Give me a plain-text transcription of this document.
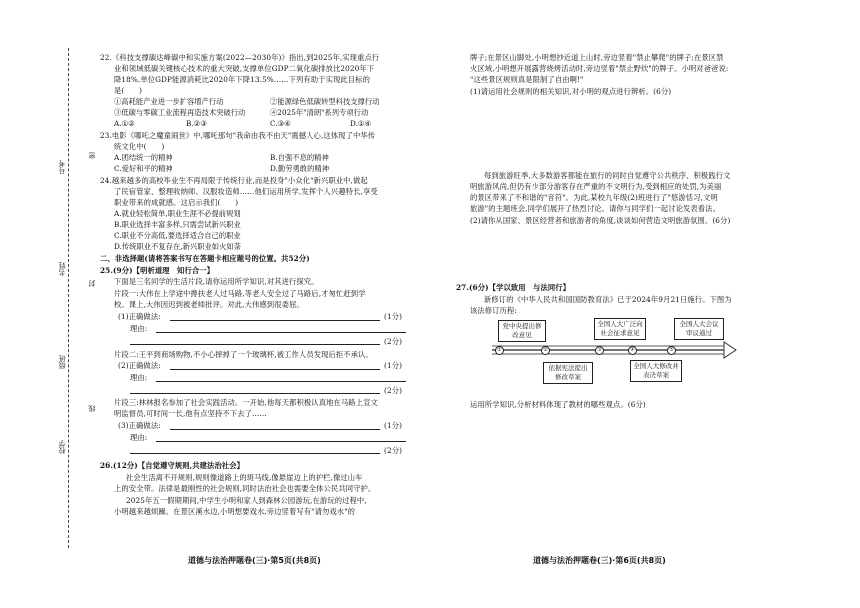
号考
名姓
级班
校学
密
封
线
22.《科技支撑碳达峰碳中和实施方案(2022—2030年)》指出,到2025年,实现重点行
业和领域低碳关键核心技术的重大突破,支撑单位GDP二氧化碳排放比2020年下
降18%,单位GDP能源消耗比2020年下降13.5%……下列有助于实现此目标的
是(　　)
①高耗能产业进一步扩容增产行动	②能源绿色低碳转型科技支撑行动
③低碳与零碳工业流程再造技术突破行动	④2025年"清朗"系列专项行动
A.①②	B.②③	C.③④	D.①④
23.电影《哪吒之魔童闹世》中,哪吒那句"我命由我不由天"震撼人心,这体现了中华传
统文化中(　　)
A.团结统一的精神	B.自强不息的精神
C.爱好和平的精神	D.勤劳勇敢的精神
24.越来越多的高校毕业生不再局限于传统行业,而是投身"小众化"新兴职业中,做起
了民宿管家、整理收纳师、汉服妆造师……他们运用所学,发挥个人兴趣特长,享受
职业带来的成就感。这启示我们(　　)
A.就业轻松简单,职业生涯不必提前规划
B.职业选择丰富多样,只需尝试新兴职业
C.职业不分高低,要选择适合自己的职业
D.传统职业不复存在,新兴职业如火如荼
二、非选择题(请将答案书写在答题卡相应题号的位置。共52分)
25.(9分)【明析道理　知行合一】
下面是三名同学的生活片段,请你运用所学知识,对其进行探究。
片段一:大伟在上学途中搀扶老人过马路,等老人安全过了马路后,才匆忙赶到学
校。课上,大伟因迟到被老师批评。对此,大伟感到很委屈。
(1)正确做法:	(1分)
理由:
(2分)
片段二:王平到商场购物,不小心摔掉了一个玻璃杯,被工作人员发现后拒不承认。
(2)正确做法:	(1分)
理由:
(2分)
片段三:林林报名参加了社会实践活动。一开始,他每天都积极认真地在马路上宣文
明监督员,可时间一长,他有点坚持不下去了……
(3)正确做法:	(1分)
理由:
(2分)
26.(12分)【自觉遵守规则,共建法治社会】
社会生活离不开规则,规则像道路上的斑马线,像悬崖边上的护栏,像过山车
上的安全带。法律是最刚性的社会规则,同时法治社会也需要全体公民共同守护。
2025年五一假期期间,中学生小明和家人到森林公园游玩,在游玩的过程中,
小明越来越烦躁。在景区溪水边,小明想要戏水,旁边竖着写有"请勿戏水"的
道德与法治押题卷(三)·第5页(共8页)
牌子;在景区山脚处,小明想抄近道上山时,旁边竖着"禁止攀爬"的牌子;在景区禁
火区域,小明想开展露营烧烤活动时,旁边竖着"禁止野炊"的牌子。小明对爸爸说:
"这些景区规则真是限制了自由啊!"
(1)请运用社会规则的相关知识,对小明的观点进行辨析。(6分)
每到旅游旺季,大多数游客都能在旅行的同时自觉遵守公共秩序、积极践行文
明旅游风尚,但仍有少部分游客存在严重的不文明行为,受到相应的处罚,为美丽
的景区带来了不和谐的"音符"。为此,某校九年级(2)班进行了"悠游恬习,文明
旅游"的主题班会,同学们展开了热烈讨论。请你与同学们一起讨论发表看法。
(2)请你从国家、景区经营者和旅游者的角度,谈谈如何营造文明旅游氛围。(6分)
27.(6分)【学以致用　与法同行】
新修订的《中华人民共和国国防教育法》已于2024年9月21日施行。下图为
该法修订历程:
①	②	③	④	⑤
党中央提出修改意见
全国人大广泛向社会征求意见
全国人大会议审议通过
依据宪法提出修改草案
全国人大修改并表决草案
运用所学知识,分析材料体现了教材的哪些观点。(6分)
道德与法治押题卷(三)·第6页(共8页)
